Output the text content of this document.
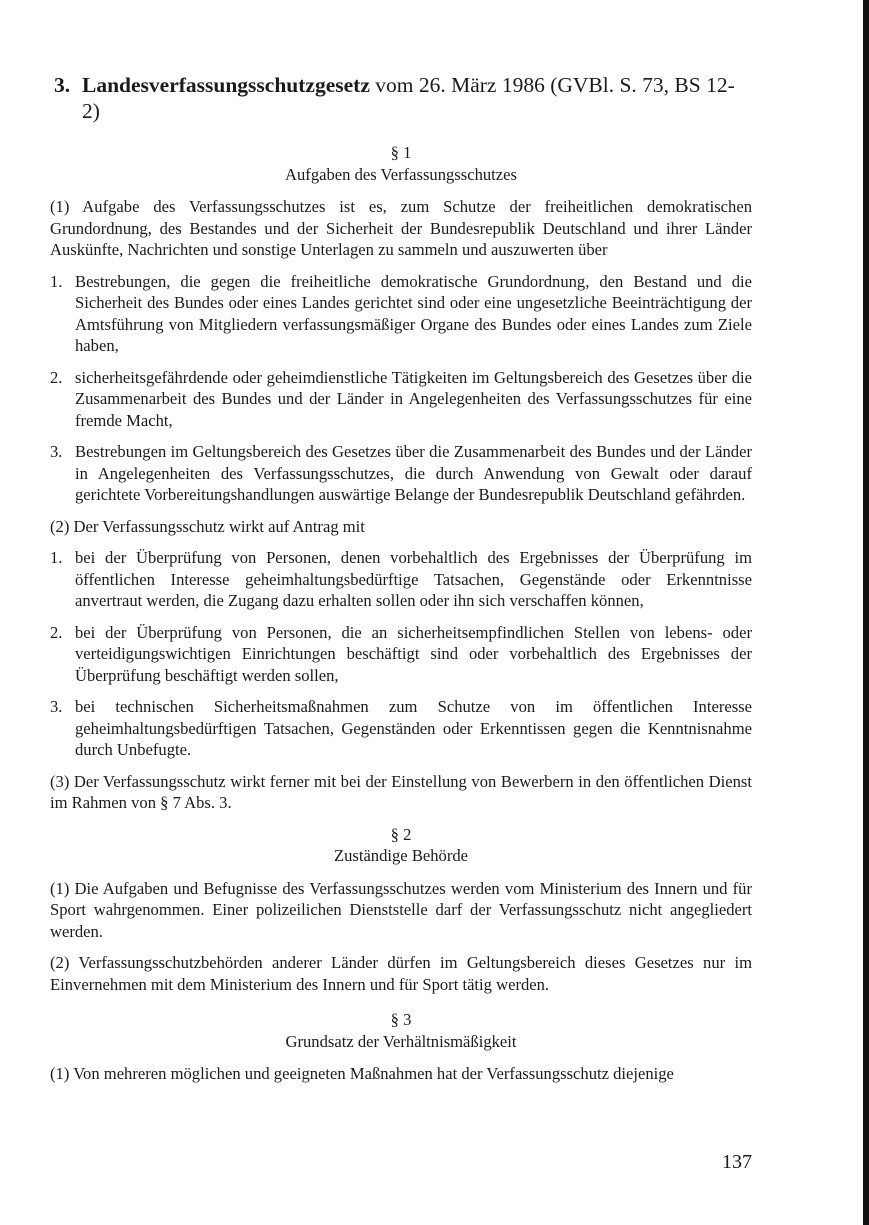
3. Landesverfassungsschutzgesetz vom 26. März 1986 (GVBl. S. 73, BS 12-2)

§ 1

Aufgaben des Verfassungsschutzes

(1) Aufgabe des Verfassungsschutzes ist es, zum Schutze der freiheitlichen demokratischen Grundordnung, des Bestandes und der Sicherheit der Bundesrepublik Deutschland und ihrer Länder Auskünfte, Nachrichten und sonstige Unterlagen zu sammeln und auszuwerten über

1. Bestrebungen, die gegen die freiheitliche demokratische Grundordnung, den Bestand und die Sicherheit des Bundes oder eines Landes gerichtet sind oder eine ungesetzliche Beeinträchtigung der Amtsführung von Mitgliedern verfassungsmäßiger Organe des Bundes oder eines Landes zum Ziele haben,
2. sicherheitsgefährdende oder geheimdienstliche Tätigkeiten im Geltungsbereich des Gesetzes über die Zusammenarbeit des Bundes und der Länder in Angelegenheiten des Verfassungsschutzes für eine fremde Macht,
3. Bestrebungen im Geltungsbereich des Gesetzes über die Zusammenarbeit des Bundes und der Länder in Angelegenheiten des Verfassungsschutzes, die durch Anwendung von Gewalt oder darauf gerichtete Vorbereitungshandlungen auswärtige Belange der Bundesrepublik Deutschland gefährden.

(2) Der Verfassungsschutz wirkt auf Antrag mit

1. bei der Überprüfung von Personen, denen vorbehaltlich des Ergebnisses der Überprüfung im öffentlichen Interesse geheimhaltungsbedürftige Tatsachen, Gegenstände oder Erkenntnisse anvertraut werden, die Zugang dazu erhalten sollen oder ihn sich verschaffen können,
2. bei der Überprüfung von Personen, die an sicherheitsempfindlichen Stellen von lebens- oder verteidigungswichtigen Einrichtungen beschäftigt sind oder vorbehaltlich des Ergebnisses der Überprüfung beschäftigt werden sollen,
3. bei technischen Sicherheitsmaßnahmen zum Schutze von im öffentlichen Interesse geheimhaltungsbedürftigen Tatsachen, Gegenständen oder Erkenntissen gegen die Kenntnisnahme durch Unbefugte.

(3) Der Verfassungsschutz wirkt ferner mit bei der Einstellung von Bewerbern in den öffentlichen Dienst im Rahmen von § 7 Abs. 3.

§ 2

Zuständige Behörde

(1) Die Aufgaben und Befugnisse des Verfassungsschutzes werden vom Ministerium des Innern und für Sport wahrgenommen. Einer polizeilichen Dienststelle darf der Verfassungsschutz nicht angegliedert werden.

(2) Verfassungsschutzbehörden anderer Länder dürfen im Geltungsbereich dieses Gesetzes nur im Einvernehmen mit dem Ministerium des Innern und für Sport tätig werden.

§ 3

Grundsatz der Verhältnismäßigkeit

(1) Von mehreren möglichen und geeigneten Maßnahmen hat der Verfassungsschutz diejenige

137
